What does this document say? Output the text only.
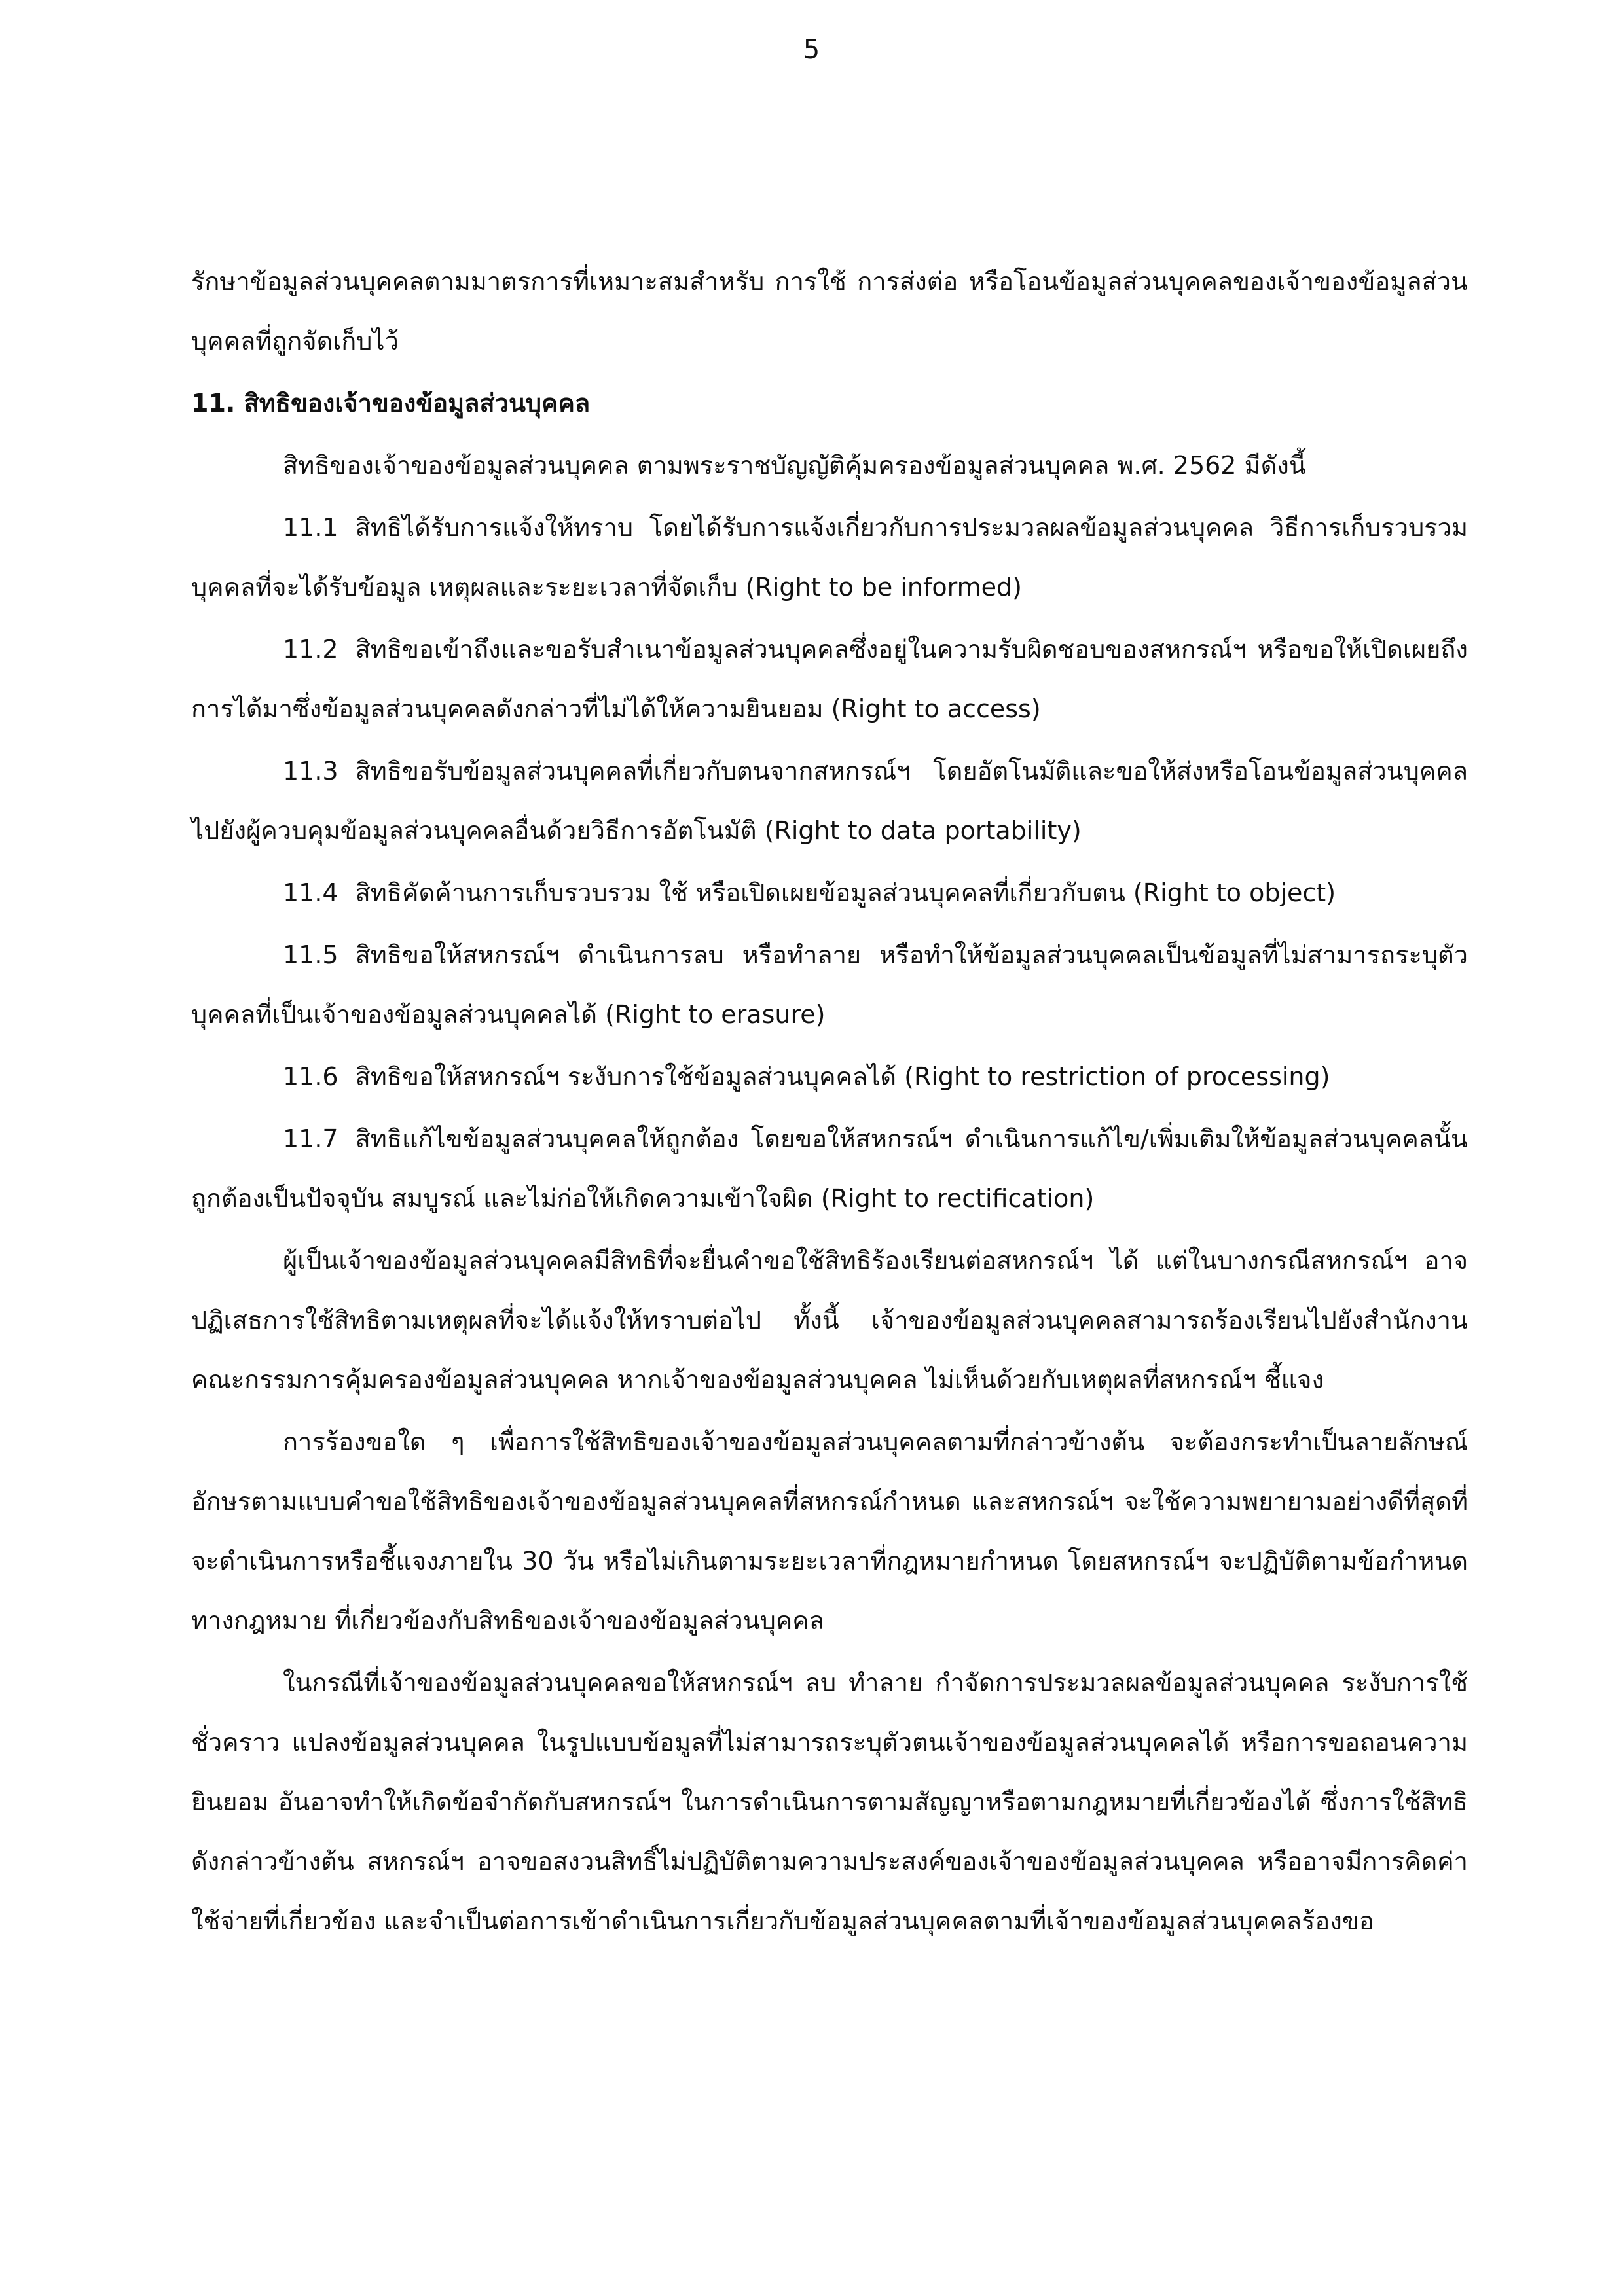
5

รักษาข้อมูลส่วนบุคคลตามมาตรการที่เหมาะสมสำหรับ การใช้ การส่งต่อ หรือโอนข้อมูลส่วนบุคคลของเจ้าของข้อมูลส่วนบุคคลที่ถูกจัดเก็บไว้

11. สิทธิของเจ้าของข้อมูลส่วนบุคคล

สิทธิของเจ้าของข้อมูลส่วนบุคคล ตามพระราชบัญญัติคุ้มครองข้อมูลส่วนบุคคล พ.ศ. 2562 มีดังนี้

11.1 สิทธิได้รับการแจ้งให้ทราบ โดยได้รับการแจ้งเกี่ยวกับการประมวลผลข้อมูลส่วนบุคคล วิธีการเก็บรวบรวม บุคคลที่จะได้รับข้อมูล เหตุผลและระยะเวลาที่จัดเก็บ (Right to be informed)

11.2 สิทธิขอเข้าถึงและขอรับสำเนาข้อมูลส่วนบุคคลซึ่งอยู่ในความรับผิดชอบของสหกรณ์ฯ หรือขอให้เปิดเผยถึงการได้มาซึ่งข้อมูลส่วนบุคคลดังกล่าวที่ไม่ได้ให้ความยินยอม (Right to access)

11.3 สิทธิขอรับข้อมูลส่วนบุคคลที่เกี่ยวกับตนจากสหกรณ์ฯ โดยอัตโนมัติและขอให้ส่งหรือโอนข้อมูลส่วนบุคคลไปยังผู้ควบคุมข้อมูลส่วนบุคคลอื่นด้วยวิธีการอัตโนมัติ (Right to data portability)

11.4 สิทธิคัดค้านการเก็บรวบรวม ใช้ หรือเปิดเผยข้อมูลส่วนบุคคลที่เกี่ยวกับตน (Right to object)

11.5 สิทธิขอให้สหกรณ์ฯ ดำเนินการลบ หรือทำลาย หรือทำให้ข้อมูลส่วนบุคคลเป็นข้อมูลที่ไม่สามารถระบุตัวบุคคลที่เป็นเจ้าของข้อมูลส่วนบุคคลได้ (Right to erasure)

11.6 สิทธิขอให้สหกรณ์ฯ ระงับการใช้ข้อมูลส่วนบุคคลได้ (Right to restriction of processing)

11.7 สิทธิแก้ไขข้อมูลส่วนบุคคลให้ถูกต้อง โดยขอให้สหกรณ์ฯ ดำเนินการแก้ไข/เพิ่มเติมให้ข้อมูลส่วนบุคคลนั้นถูกต้องเป็นปัจจุบัน สมบูรณ์ และไม่ก่อให้เกิดความเข้าใจผิด (Right to rectification)

ผู้เป็นเจ้าของข้อมูลส่วนบุคคลมีสิทธิที่จะยื่นคำขอใช้สิทธิร้องเรียนต่อสหกรณ์ฯ ได้ แต่ในบางกรณีสหกรณ์ฯ อาจปฏิเสธการใช้สิทธิตามเหตุผลที่จะได้แจ้งให้ทราบต่อไป ทั้งนี้ เจ้าของข้อมูลส่วนบุคคลสามารถร้องเรียนไปยังสำนักงานคณะกรรมการคุ้มครองข้อมูลส่วนบุคคล หากเจ้าของข้อมูลส่วนบุคคล ไม่เห็นด้วยกับเหตุผลที่สหกรณ์ฯ ชี้แจง

การร้องขอใด ๆ เพื่อการใช้สิทธิของเจ้าของข้อมูลส่วนบุคคลตามที่กล่าวข้างต้น จะต้องกระทำเป็นลายลักษณ์อักษรตามแบบคำขอใช้สิทธิของเจ้าของข้อมูลส่วนบุคคลที่สหกรณ์กำหนด และสหกรณ์ฯ จะใช้ความพยายามอย่างดีที่สุดที่จะดำเนินการหรือชี้แจงภายใน 30 วัน หรือไม่เกินตามระยะเวลาที่กฎหมายกำหนด โดยสหกรณ์ฯ จะปฏิบัติตามข้อกำหนดทางกฎหมาย ที่เกี่ยวข้องกับสิทธิของเจ้าของข้อมูลส่วนบุคคล

ในกรณีที่เจ้าของข้อมูลส่วนบุคคลขอให้สหกรณ์ฯ ลบ ทำลาย กำจัดการประมวลผลข้อมูลส่วนบุคคล ระงับการใช้ชั่วคราว แปลงข้อมูลส่วนบุคคล ในรูปแบบข้อมูลที่ไม่สามารถระบุตัวตนเจ้าของข้อมูลส่วนบุคคลได้ หรือการขอถอนความยินยอม อันอาจทำให้เกิดข้อจำกัดกับสหกรณ์ฯ ในการดำเนินการตามสัญญาหรือตามกฎหมายที่เกี่ยวข้องได้ ซึ่งการใช้สิทธิดังกล่าวข้างต้น สหกรณ์ฯ อาจขอสงวนสิทธิ์ไม่ปฏิบัติตามความประสงค์ของเจ้าของข้อมูลส่วนบุคคล หรืออาจมีการคิดค่าใช้จ่ายที่เกี่ยวข้อง และจำเป็นต่อการเข้าดำเนินการเกี่ยวกับข้อมูลส่วนบุคคลตามที่เจ้าของข้อมูลส่วนบุคคลร้องขอ
